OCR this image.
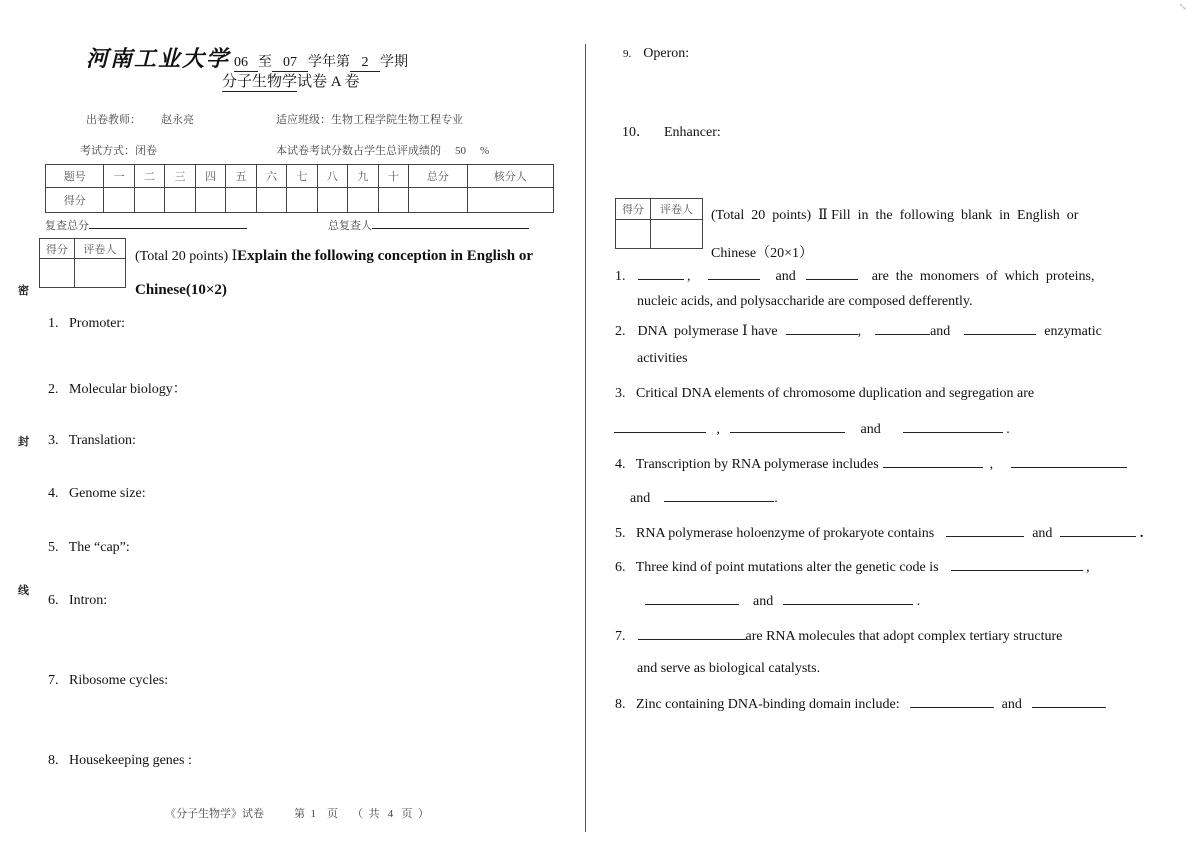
⤡
河南工业大学 06 至 07 学年第 2 学期
分子生物学试卷 A 卷
出卷教师： 赵永亮	适应班级：生物工程学院生物工程专业
考试方式：闭卷	本试卷考试分数占学生总评成绩的 50 %
题号	一	二	三	四	五	六	七	八	九	十	总分	核分人
得分												
复查总分	总复查人
得分	评卷人
	(Total 20 points) ⅠExplain the following conception in English or
Chinese(10×2)
密
封
线
1.   Promoter:
2.   Molecular biology：
3.   Translation:
4.   Genome size:
5.   The “cap”:
6.   Intron:
7.   Ribosome cycles:
8.   Housekeeping genes :
《分子生物学》试卷	第  1    页 （  共   4   页  ）
9. Operon:
10． Enhancer:
得分	评卷人
	(Total  20  points)  Ⅱ Fill  in  the  following  blank  in  English  or
Chinese（20×1）
1.	,	and	are  the  monomers  of  which  proteins,
nucleic acids, and polysaccharide are composed defferently.
2. DNA  polymerase Ⅰ have	,	and	enzymatic
activities
3.   Critical DNA elements of chromosome duplication and segregation are
,	and	.
4.   Transcription by RNA polymerase includes	,
and	.
5.   RNA polymerase holoenzyme of prokaryote contains	and	.
6.   Three kind of point mutations alter the genetic code is	,
and	.
7.	are RNA molecules that adopt complex tertiary structure
and serve as biological catalysts.
8.   Zinc containing DNA-binding domain include:	and
